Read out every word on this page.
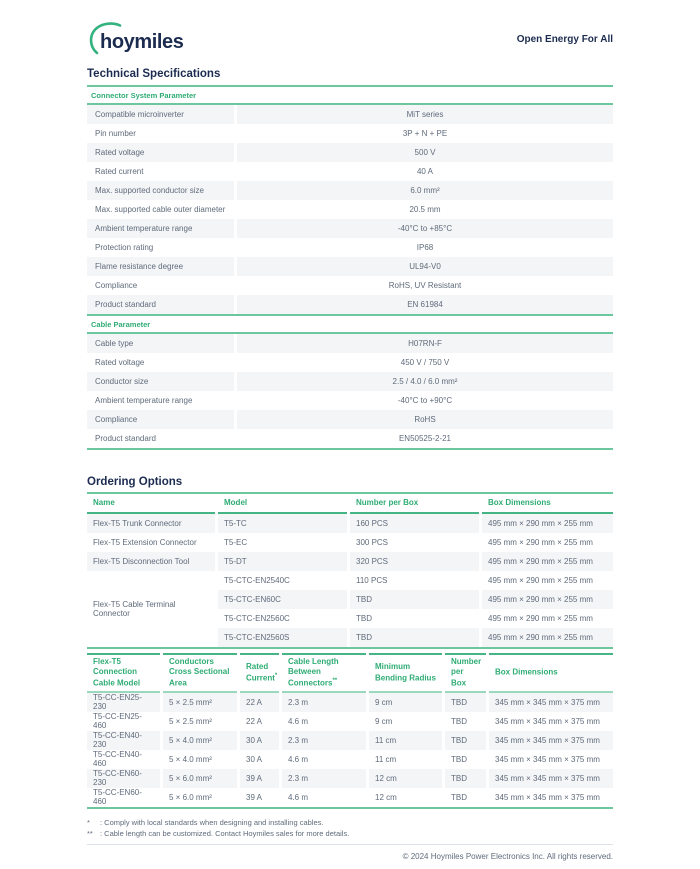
hoymiles	Open Energy For All
Technical Specifications
Connector System Parameter
Compatible microinverter	MiT series
Pin number	3P + N + PE
Rated voltage	500 V
Rated current	40 A
Max. supported conductor size	6.0 mm²
Max. supported cable outer diameter	20.5 mm
Ambient temperature range	-40°C to +85°C
Protection rating	IP68
Flame resistance degree	UL94-V0
Compliance	RoHS, UV Resistant
Product standard	EN 61984
Cable Parameter
Cable type	H07RN-F
Rated voltage	450 V / 750 V
Conductor size	2.5 / 4.0 / 6.0 mm²
Ambient temperature range	-40°C to +90°C
Compliance	RoHS
Product standard	EN50525-2-21
Ordering Options
Name	Model	Number per Box	Box Dimensions
Flex-T5 Trunk Connector	T5-TC	160 PCS	495 mm × 290 mm × 255 mm
Flex-T5 Extension Connector	T5-EC	300 PCS	495 mm × 290 mm × 255 mm
Flex-T5 Disconnection Tool	T5-DT	320 PCS	495 mm × 290 mm × 255 mm
Flex-T5 Cable Terminal Connector	T5-CTC-EN2540C	110 PCS	495 mm × 290 mm × 255 mm
	T5-CTC-EN60C	TBD	495 mm × 290 mm × 255 mm
	T5-CTC-EN2560C	TBD	495 mm × 290 mm × 255 mm
	T5-CTC-EN2560S	TBD	495 mm × 290 mm × 255 mm
Flex-T5 Connection Cable Model	Conductors Cross Sectional Area	Rated Current*	Cable Length Between Connectors**	Minimum Bending Radius	Number per Box	Box Dimensions
T5-CC-EN25-230	5 × 2.5 mm²	22 A	2.3 m	9 cm	TBD	345 mm × 345 mm × 375 mm
T5-CC-EN25-460	5 × 2.5 mm²	22 A	4.6 m	9 cm	TBD	345 mm × 345 mm × 375 mm
T5-CC-EN40-230	5 × 4.0 mm²	30 A	2.3 m	11 cm	TBD	345 mm × 345 mm × 375 mm
T5-CC-EN40-460	5 × 4.0 mm²	30 A	4.6 m	11 cm	TBD	345 mm × 345 mm × 375 mm
T5-CC-EN60-230	5 × 6.0 mm²	39 A	2.3 m	12 cm	TBD	345 mm × 345 mm × 375 mm
T5-CC-EN60-460	5 × 6.0 mm²	39 A	4.6 m	12 cm	TBD	345 mm × 345 mm × 375 mm
*	: Comply with local standards when designing and installing cables.
** : Cable length can be customized. Contact Hoymiles sales for more details.
© 2024 Hoymiles Power Electronics Inc. All rights reserved.
